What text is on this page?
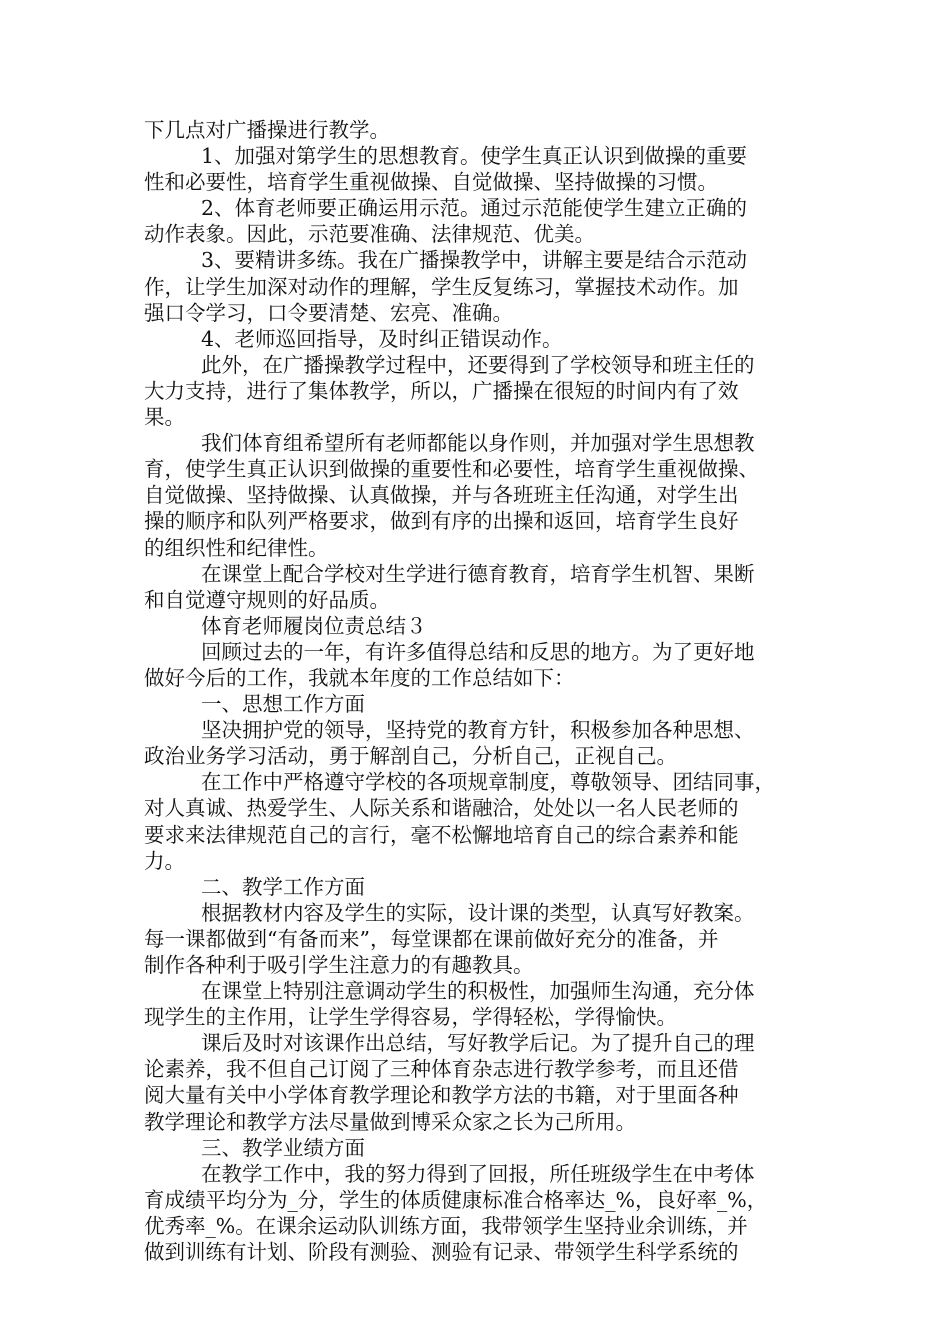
下几点对广播操进行教学。
1、加强对第学生的思想教育。使学生真正认识到做操的重要
性和必要性，培育学生重视做操、自觉做操、坚持做操的习惯。
2、体育老师要正确运用示范。通过示范能使学生建立正确的
动作表象。因此，示范要准确、法律规范、优美。
3、要精讲多练。我在广播操教学中，讲解主要是结合示范动
作，让学生加深对动作的理解，学生反复练习，掌握技术动作。加
强口令学习，口令要清楚、宏亮、准确。
4、老师巡回指导，及时纠正错误动作。
此外，在广播操教学过程中，还要得到了学校领导和班主任的
大力支持，进行了集体教学，所以，广播操在很短的时间内有了效
果。
我们体育组希望所有老师都能以身作则，并加强对学生思想教
育，使学生真正认识到做操的重要性和必要性，培育学生重视做操、
自觉做操、坚持做操、认真做操，并与各班班主任沟通，对学生出
操的顺序和队列严格要求，做到有序的出操和返回，培育学生良好
的组织性和纪律性。
在课堂上配合学校对生学进行德育教育，培育学生机智、果断
和自觉遵守规则的好品质。
体育老师履岗位责总结３
回顾过去的一年，有许多值得总结和反思的地方。为了更好地
做好今后的工作，我就本年度的工作总结如下：
一、思想工作方面
坚决拥护党的领导，坚持党的教育方针，积极参加各种思想、
政治业务学习活动，勇于解剖自己，分析自己，正视自己。
在工作中严格遵守学校的各项规章制度，尊敬领导、团结同事，
对人真诚、热爱学生、人际关系和谐融洽，处处以一名人民老师的
要求来法律规范自己的言行，毫不松懈地培育自己的综合素养和能
力。
二、教学工作方面
根据教材内容及学生的实际，设计课的类型，认真写好教案。
每一课都做到“有备而来”，每堂课都在课前做好充分的准备，并
制作各种利于吸引学生注意力的有趣教具。
在课堂上特别注意调动学生的积极性，加强师生沟通，充分体
现学生的主作用，让学生学得容易，学得轻松，学得愉快。
课后及时对该课作出总结，写好教学后记。为了提升自己的理
论素养，我不但自己订阅了三种体育杂志进行教学参考，而且还借
阅大量有关中小学体育教学理论和教学方法的书籍，对于里面各种
教学理论和教学方法尽量做到博采众家之长为己所用。
三、教学业绩方面
在教学工作中，我的努力得到了回报，所任班级学生在中考体
育成绩平均分为_分，学生的体质健康标准合格率达_%，良好率_%，
优秀率_%。在课余运动队训练方面，我带领学生坚持业余训练，并
做到训练有计划、阶段有测验、测验有记录、带领学生科学系统的
